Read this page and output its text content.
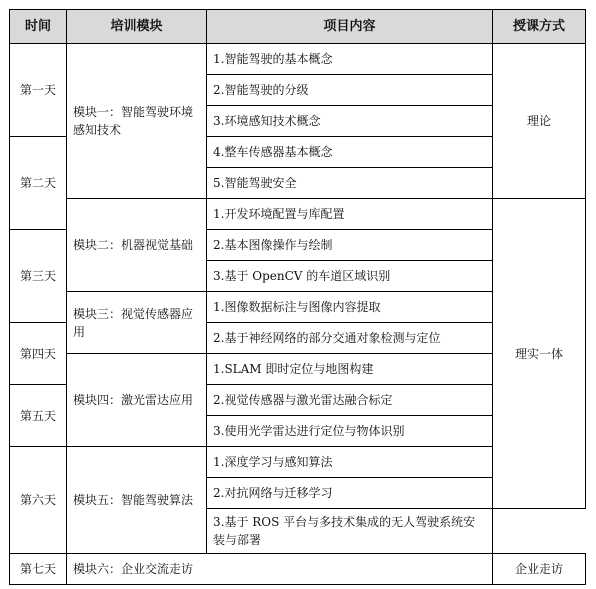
时间	培训模块	项目内容	授课方式
第一天	模块一：智能驾驶环境感知技术	1.智能驾驶的基本概念	理论
		2.智能驾驶的分级	
		3.环境感知技术概念	
第二天		4.整车传感器基本概念	
		5.智能驾驶安全	

	模块二：机器视觉基础	1.开发环境配置与库配置	理实一体
第三天		2.基本图像操作与绘制	
		3.基于 OpenCV 的车道区域识别	

	模块三：视觉传感器应用	1.图像数据标注与图像内容提取	
第四天		2.基于神经网络的部分交通对象检测与定位	

	模块四：激光雷达应用	1.SLAM 即时定位与地图构建	
第五天		2.视觉传感器与激光雷达融合标定	
		3.使用光学雷达进行定位与物体识别	
第六天	模块五：智能驾驶算法	1.深度学习与感知算法	
		2.对抗网络与迁移学习	
		3.基于 ROS 平台与多技术集成的无人驾驶系统安装与部署	
第七天	模块六：企业交流走访		企业走访
